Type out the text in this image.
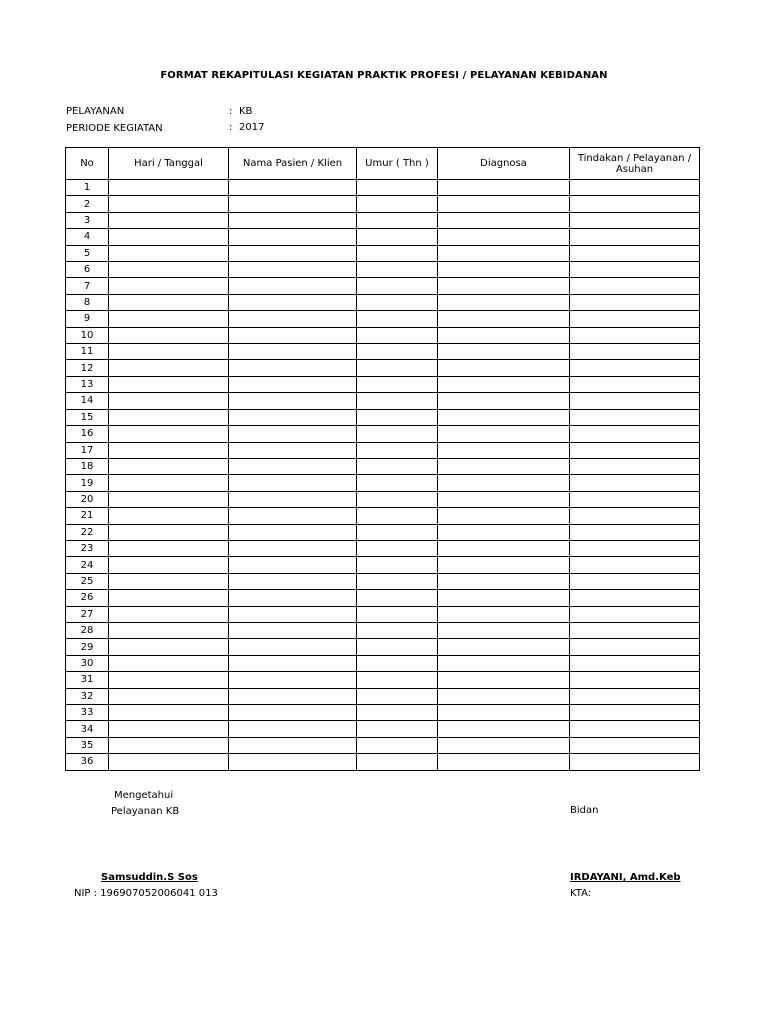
FORMAT REKAPITULASI KEGIATAN PRAKTIK PROFESI / PELAYANAN KEBIDANAN
PELAYANAN	: KB
PERIODE KEGIATAN	: 2017
No	Hari / Tanggal	Nama Pasien / Klien	Umur ( Thn )	Diagnosa	Tindakan / Pelayanan / Asuhan
1					
2					
3					
4					
5					
6					
7					
8					
9					
10					
11					
12					
13					
14					
15					
16					
17					
18					
19					
20					
21					
22					
23					
24					
25					
26					
27					
28					
29					
30					
31					
32					
33					
34					
35					
36					
Mengetahui
Pelayanan KB	Bidan
Samsuddin.S Sos
NIP : 196907052006041 013
IRDAYANI, Amd.Keb
KTA:
